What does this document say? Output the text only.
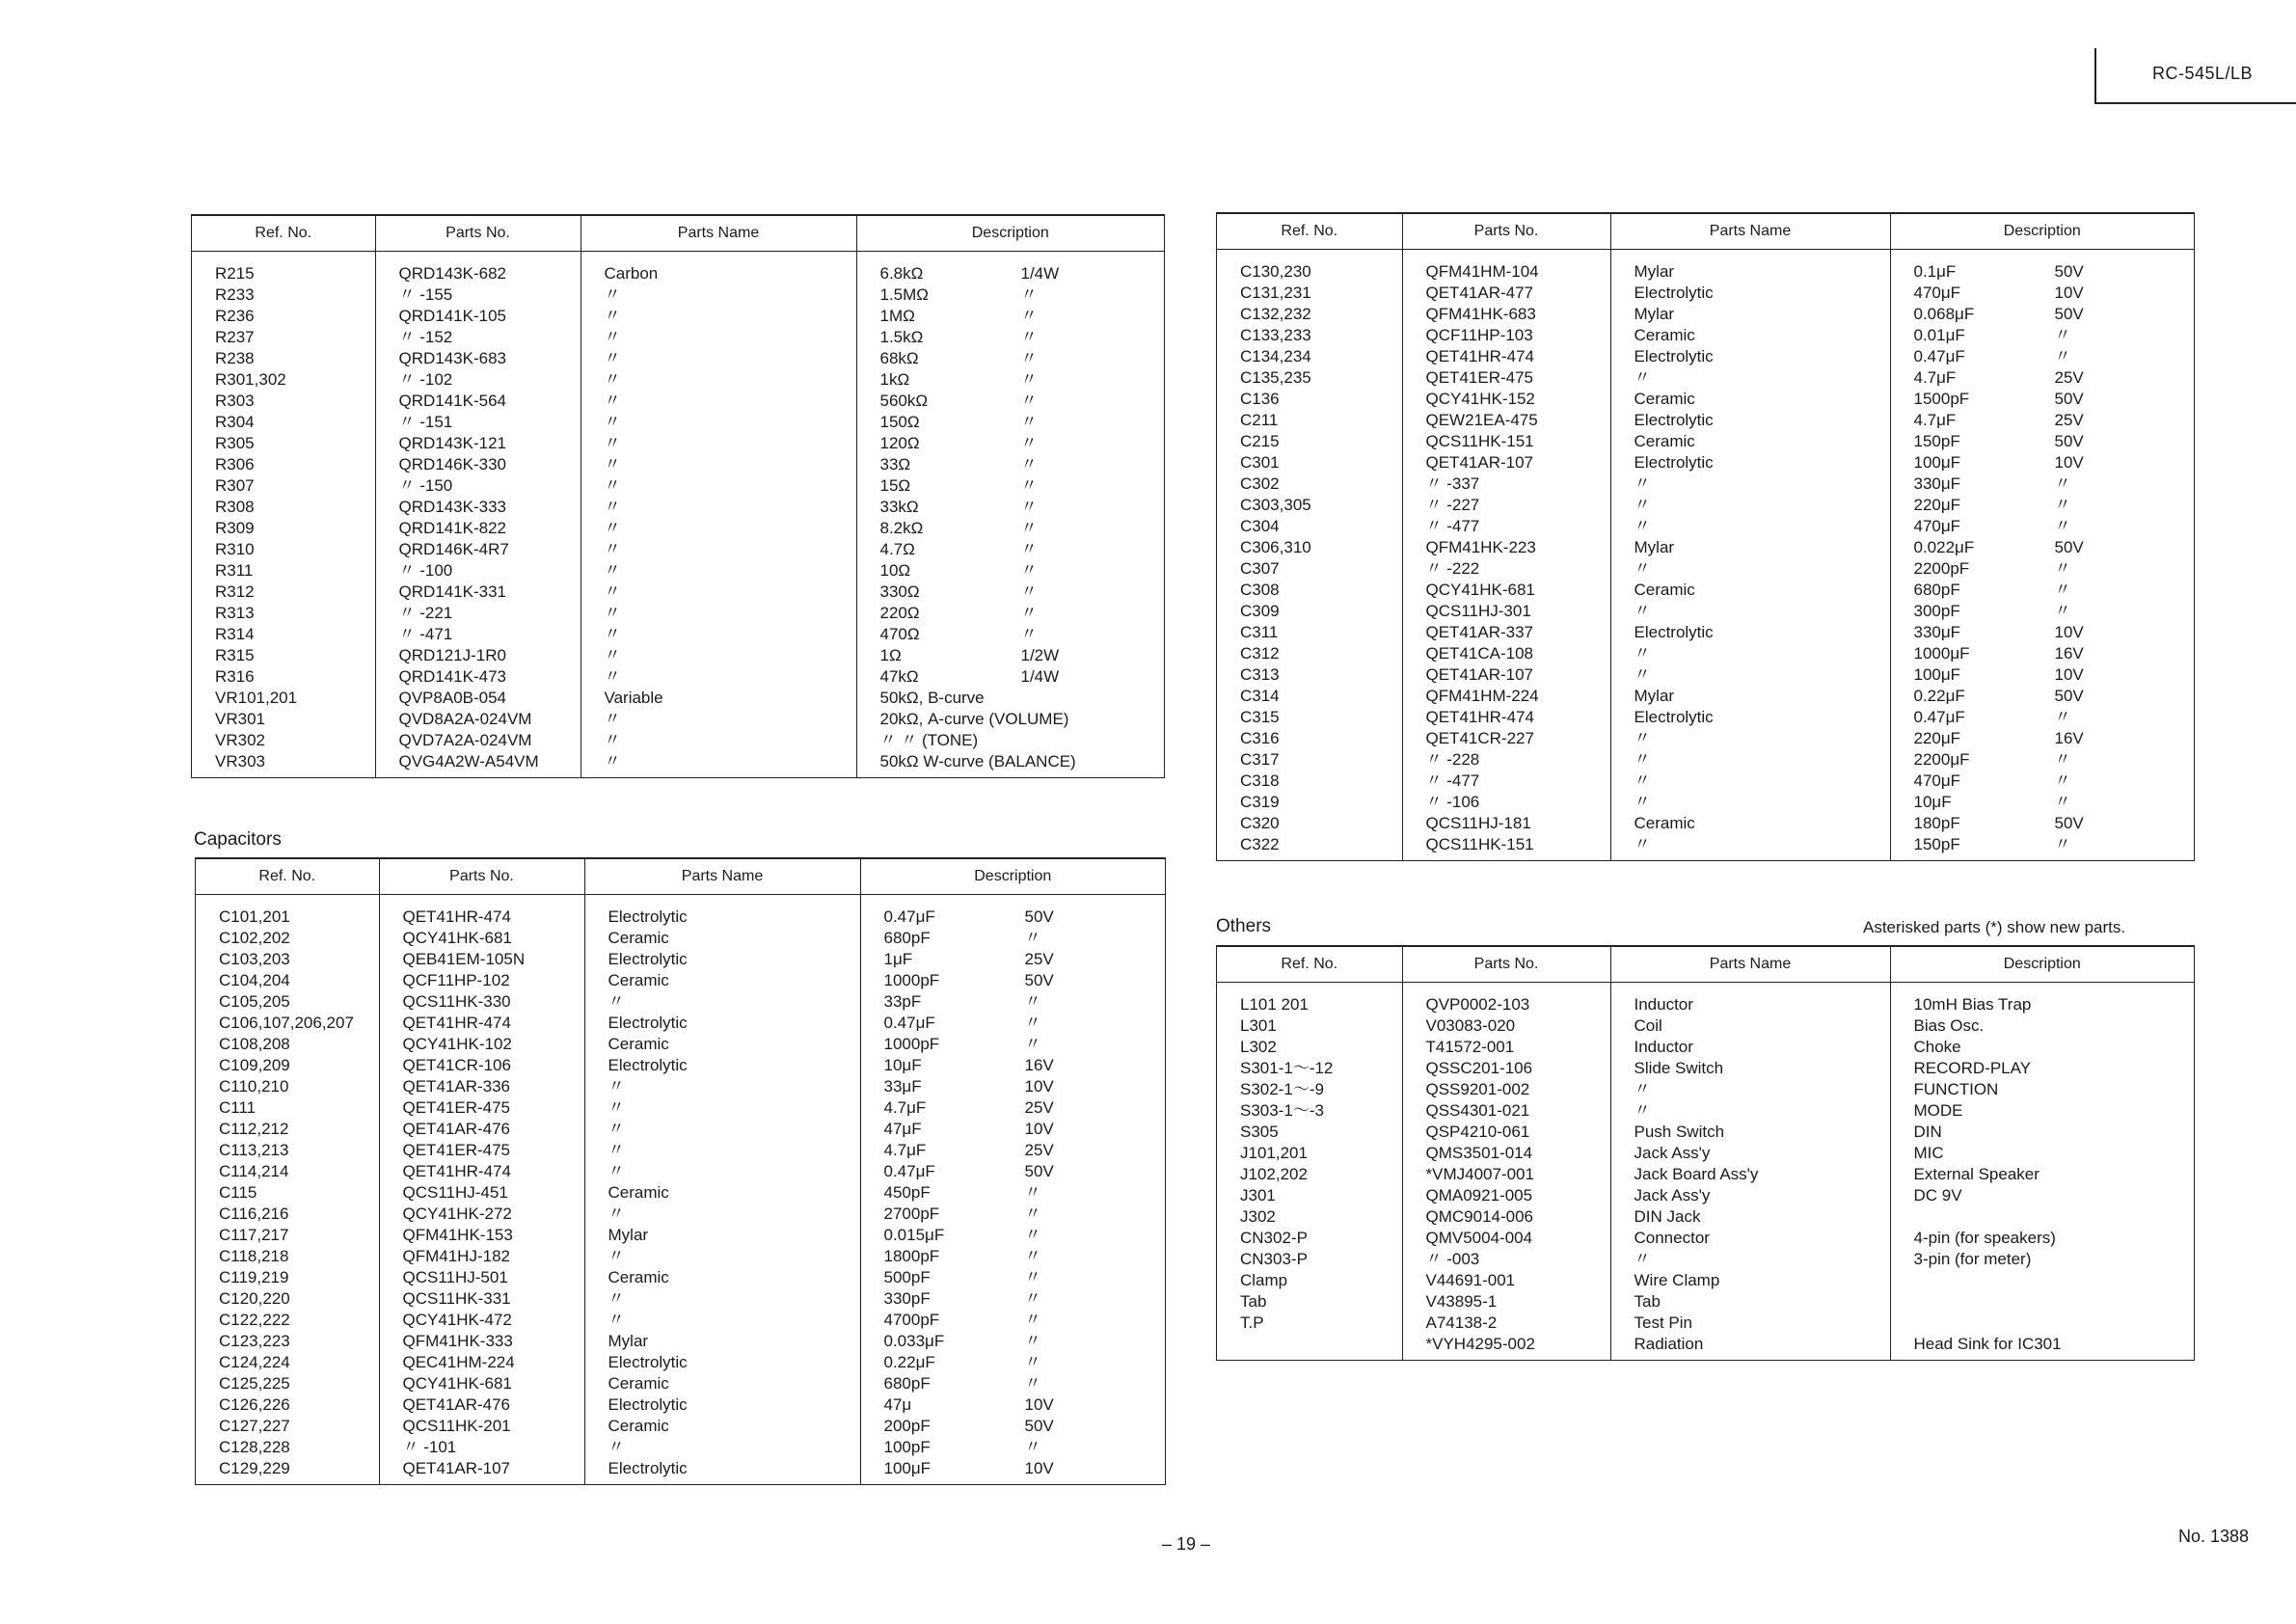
RC-545L/LB
Ref. No.	Parts No.	Parts Name	Description
R215	QRD143K-682	Carbon	6.8kΩ 1/4W
R233	〃 -155	〃	1.5MΩ 〃
R236	QRD141K-105	〃	1MΩ 〃
R237	〃 -152	〃	1.5kΩ 〃
R238	QRD143K-683	〃	68kΩ 〃
R301,302	〃 -102	〃	1kΩ 〃
R303	QRD141K-564	〃	560kΩ 〃
R304	〃 -151	〃	150Ω 〃
R305	QRD143K-121	〃	120Ω 〃
R306	QRD146K-330	〃	33Ω 〃
R307	〃 -150	〃	15Ω 〃
R308	QRD143K-333	〃	33kΩ 〃
R309	QRD141K-822	〃	8.2kΩ 〃
R310	QRD146K-4R7	〃	4.7Ω 〃
R311	〃 -100	〃	10Ω 〃
R312	QRD141K-331	〃	330Ω 〃
R313	〃 -221	〃	220Ω 〃
R314	〃 -471	〃	470Ω 〃
R315	QRD121J-1R0	〃	1Ω 1/2W
R316	QRD141K-473	〃	47kΩ 1/4W
VR101,201	QVP8A0B-054	Variable	50kΩ, B-curve
VR301	QVD8A2A-024VM	〃	20kΩ, A-curve (VOLUME)
VR302	QVD7A2A-024VM	〃	〃 〃 (TONE)
VR303	QVG4A2W-A54VM	〃	50kΩ W-curve (BALANCE)
Capacitors
Ref. No.	Parts No.	Parts Name	Description
C101,201	QET41HR-474	Electrolytic	0.47μF 50V
C102,202	QCY41HK-681	Ceramic	680pF 〃
C103,203	QEB41EM-105N	Electrolytic	1μF 25V
C104,204	QCF11HP-102	Ceramic	1000pF 50V
C105,205	QCS11HK-330	〃	33pF 〃
C106,107,206,207	QET41HR-474	Electrolytic	0.47μF 〃
C108,208	QCY41HK-102	Ceramic	1000pF 〃
C109,209	QET41CR-106	Electrolytic	10μF 16V
C110,210	QET41AR-336	〃	33μF 10V
C111	QET41ER-475	〃	4.7μF 25V
C112,212	QET41AR-476	〃	47μF 10V
C113,213	QET41ER-475	〃	4.7μF 25V
C114,214	QET41HR-474	〃	0.47μF 50V
C115	QCS11HJ-451	Ceramic	450pF 〃
C116,216	QCY41HK-272	〃	2700pF 〃
C117,217	QFM41HK-153	Mylar	0.015μF 〃
C118,218	QFM41HJ-182	〃	1800pF 〃
C119,219	QCS11HJ-501	Ceramic	500pF 〃
C120,220	QCS11HK-331	〃	330pF 〃
C122,222	QCY41HK-472	〃	4700pF 〃
C123,223	QFM41HK-333	Mylar	0.033μF 〃
C124,224	QEC41HM-224	Electrolytic	0.22μF 〃
C125,225	QCY41HK-681	Ceramic	680pF 〃
C126,226	QET41AR-476	Electrolytic	47μ 10V
C127,227	QCS11HK-201	Ceramic	200pF 50V
C128,228	〃 -101	〃	100pF 〃
C129,229	QET41AR-107	Electrolytic	100μF 10V
Ref. No.	Parts No.	Parts Name	Description
C130,230	QFM41HM-104	Mylar	0.1μF 50V
C131,231	QET41AR-477	Electrolytic	470μF 10V
C132,232	QFM41HK-683	Mylar	0.068μF 50V
C133,233	QCF11HP-103	Ceramic	0.01μF 〃
C134,234	QET41HR-474	Electrolytic	0.47μF 〃
C135,235	QET41ER-475	〃	4.7μF 25V
C136	QCY41HK-152	Ceramic	1500pF 50V
C211	QEW21EA-475	Electrolytic	4.7μF 25V
C215	QCS11HK-151	Ceramic	150pF 50V
C301	QET41AR-107	Electrolytic	100μF 10V
C302	〃 -337	〃	330μF 〃
C303,305	〃 -227	〃	220μF 〃
C304	〃 -477	〃	470μF 〃
C306,310	QFM41HK-223	Mylar	0.022μF 50V
C307	〃 -222	〃	2200pF 〃
C308	QCY41HK-681	Ceramic	680pF 〃
C309	QCS11HJ-301	〃	300pF 〃
C311	QET41AR-337	Electrolytic	330μF 10V
C312	QET41CA-108	〃	1000μF 16V
C313	QET41AR-107	〃	100μF 10V
C314	QFM41HM-224	Mylar	0.22μF 50V
C315	QET41HR-474	Electrolytic	0.47μF 〃
C316	QET41CR-227	〃	220μF 16V
C317	〃 -228	〃	2200μF 〃
C318	〃 -477	〃	470μF 〃
C319	〃 -106	〃	10μF 〃
C320	QCS11HJ-181	Ceramic	180pF 50V
C322	QCS11HK-151	〃	150pF 〃
Others	Asterisked parts (*) show new parts.
Ref. No.	Parts No.	Parts Name	Description
L101 201	QVP0002-103	Inductor	10mH Bias Trap
L301	V03083-020	Coil	Bias Osc.
L302	T41572-001	Inductor	Choke
S301-1〜-12	QSSC201-106	Slide Switch	RECORD-PLAY
S302-1〜-9	QSS9201-002	〃	FUNCTION
S303-1〜-3	QSS4301-021	〃	MODE
S305	QSP4210-061	Push Switch	DIN
J101,201	QMS3501-014	Jack Ass'y	MIC
J102,202	*VMJ4007-001	Jack Board Ass'y	External Speaker
J301	QMA0921-005	Jack Ass'y	DC 9V
J302	QMC9014-006	DIN Jack	
CN302-P	QMV5004-004	Connector	4-pin (for speakers)
CN303-P	〃 -003	〃	3-pin (for meter)
Clamp	V44691-001	Wire Clamp	
Tab	V43895-1	Tab	
T.P	A74138-2	Test Pin	
	*VYH4295-002	Radiation	Head Sink for IC301
– 19 –	No. 1388
